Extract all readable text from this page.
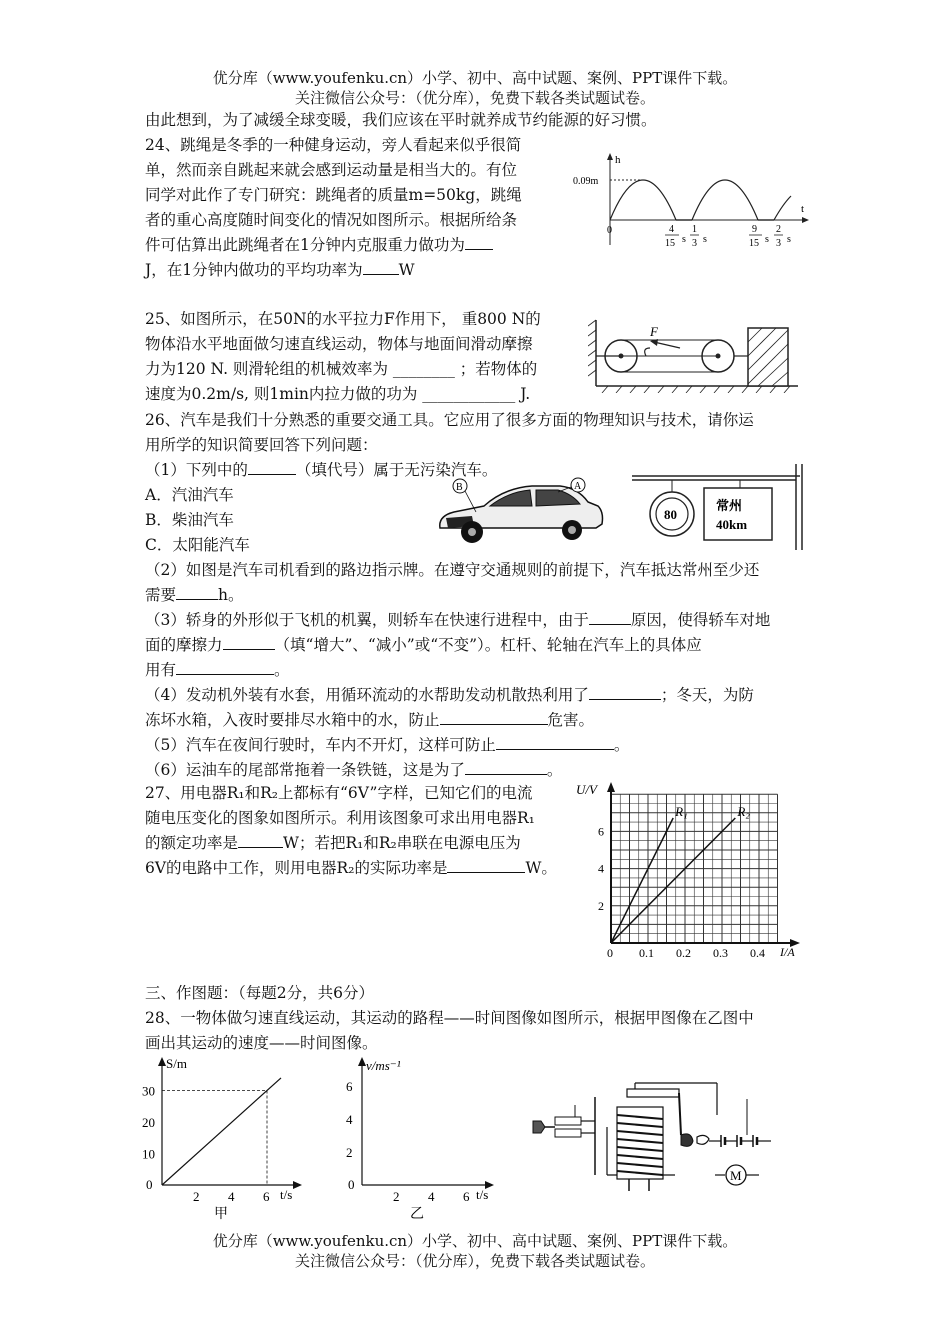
优分库（www.youfenku.cn）小学、初中、高中试题、案例、PPT课件下载。
关注微信公众号：（优分库），免费下载各类试题试卷。
由此想到，为了减缓全球变暖，我们应该在平时就养成节约能源的好习惯。
24、跳绳是冬季的一种健身运动，旁人看起来似乎很简
单，然而亲自跳起来就会感到运动量是相当大的。有位
同学对此作了专门研究：跳绳者的质量m=50kg，跳绳
者的重心高度随时间变化的情况如图所示。根据所给条
件可估算出此跳绳者在1分钟内克服重力做功为
J，在1分钟内做功的平均功率为 W
h
t
0.09m
0	4
15 s
1
3 s
9
15 s
2
3 s
25、如图所示，在50N的水平拉力F作用下， 重800 N的
物体沿水平地面做匀速直线运动，物体与地面间滑动摩擦
力为120 N. 则滑轮组的机械效率为 ________ ；若物体的
速度为0.2m/s, 则1min内拉力做的功为 ____________ J.
F
26、汽车是我们十分熟悉的重要交通工具。它应用了很多方面的物理知识与技术，请你运
用所学的知识简要回答下列问题：
（1）下列中的	（填代号）属于无污染汽车。
A．汽油汽车
B．柴油汽车
C．太阳能汽车
（2）如图是汽车司机看到的路边指示牌。在遵守交通规则的前提下，汽车抵达常州至少还
需要	h。
（3）轿身的外形似于飞机的机翼，则轿车在快速行进程中，由于	原因，使得轿车对地
面的摩擦力	（填“增大”、“减小”或“不变”）。杠杆、轮轴在汽车上的具体应
用有	。
（4）发动机外装有水套，用循环流动的水帮助发动机散热利用了	；冬天，为防
冻坏水箱，入夜时要排尽水箱中的水，防止	危害。
（5）汽车在夜间行驶时，车内不开灯，这样可防止	。
（6）运油车的尾部常拖着一条铁链，这是为了	。
A
B
80
常州
40km
27、用电器R₁和R₂上都标有“6V”字样，已知它们的电流
随电压变化的图象如图所示。利用该图象可求出用电器R₁
的额定功率是	W；若把R₁和R₂串联在电源电压为
6V的电路中工作，则用电器R₂的实际功率是	W。
U/V
I/A
0
2
4
6
0.1 0.2 0.3 0.4
R₁	R₂
三、作图题：（每题2分，共6分）
28、一物体做匀速直线运动，其运动的路程——时间图像如图所示，根据甲图像在乙图中
画出其运动的速度——时间图像。
S/m
t/s
0
10
20
30
2 4 6
甲
v/ms⁻¹
t/s
0
2
4
6
2 4 6
乙
M
优分库（www.youfenku.cn）小学、初中、高中试题、案例、PPT课件下载。
关注微信公众号：（优分库），免费下载各类试题试卷。
